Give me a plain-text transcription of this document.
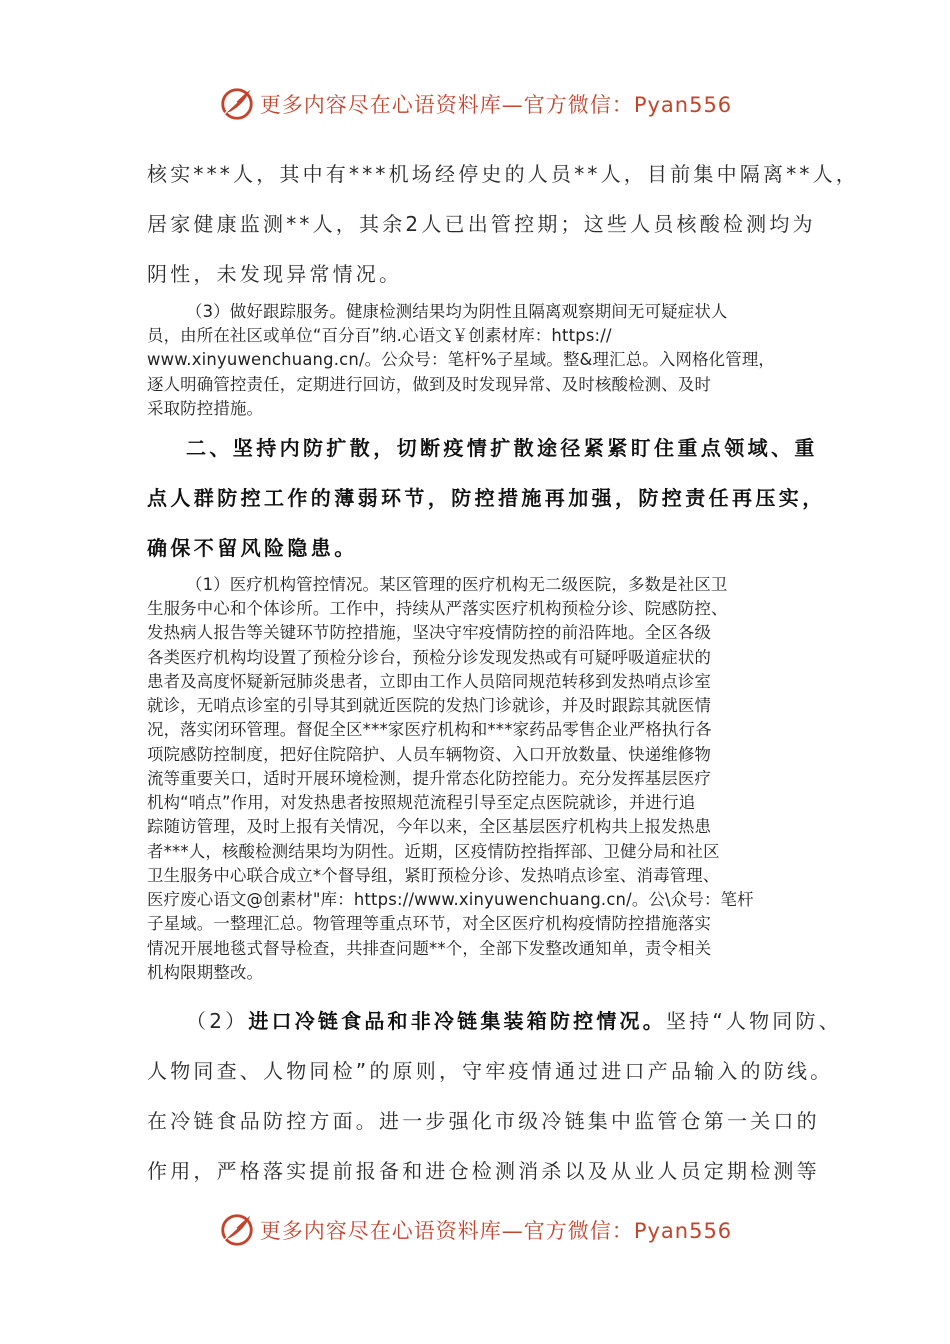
更多内容尽在心语资料库—官方微信：Pyan556
核实***人，其中有***机场经停史的人员**人，目前集中隔离**人，
居家健康监测**人，其余2人已出管控期；这些人员核酸检测均为
阴性，未发现异常情况。
（3）做好跟踪服务。健康检测结果均为阴性且隔离观察期间无可疑症状人
员，由所在社区或单位“百分百”纳.心语文￥创素材库：https://
www.xinyuwenchuang.cn/。公众号：笔杆%子星域。整&理汇总。入网格化管理，
逐人明确管控责任，定期进行回访，做到及时发现异常、及时核酸检测、及时
采取防控措施。
二、坚持内防扩散，切断疫情扩散途径紧紧盯住重点领域、重
点人群防控工作的薄弱环节，防控措施再加强，防控责任再压实，
确保不留风险隐患。
（1）医疗机构管控情况。某区管理的医疗机构无二级医院，多数是社区卫
生服务中心和个体诊所。工作中，持续从严落实医疗机构预检分诊、院感防控、
发热病人报告等关键环节防控措施，坚决守牢疫情防控的前沿阵地。全区各级
各类医疗机构均设置了预检分诊台，预检分诊发现发热或有可疑呼吸道症状的
患者及高度怀疑新冠肺炎患者，立即由工作人员陪同规范转移到发热哨点诊室
就诊，无哨点诊室的引导其到就近医院的发热门诊就诊，并及时跟踪其就医情
况，落实闭环管理。督促全区***家医疗机构和***家药品零售企业严格执行各
项院感防控制度，把好住院陪护、人员车辆物资、入口开放数量、快递维修物
流等重要关口，适时开展环境检测，提升常态化防控能力。充分发挥基层医疗
机构“哨点”作用，对发热患者按照规范流程引导至定点医院就诊，并进行追
踪随访管理，及时上报有关情况，今年以来，全区基层医疗机构共上报发热患
者***人，核酸检测结果均为阴性。近期，区疫情防控指挥部、卫健分局和社区
卫生服务中心联合成立*个督导组，紧盯预检分诊、发热哨点诊室、消毒管理、
医疗废心语文@创素材"库：https://www.xinyuwenchuang.cn/。公\众号：笔杆
子星域。一整理汇总。物管理等重点环节，对全区医疗机构疫情防控措施落实
情况开展地毯式督导检查，共排查问题**个，全部下发整改通知单，责令相关
机构限期整改。
（2）进口冷链食品和非冷链集装箱防控情况。坚持“人物同防、
人物同查、人物同检”的原则，守牢疫情通过进口产品输入的防线。
在冷链食品防控方面。进一步强化市级冷链集中监管仓第一关口的
作用，严格落实提前报备和进仓检测消杀以及从业人员定期检测等
更多内容尽在心语资料库—官方微信：Pyan556
